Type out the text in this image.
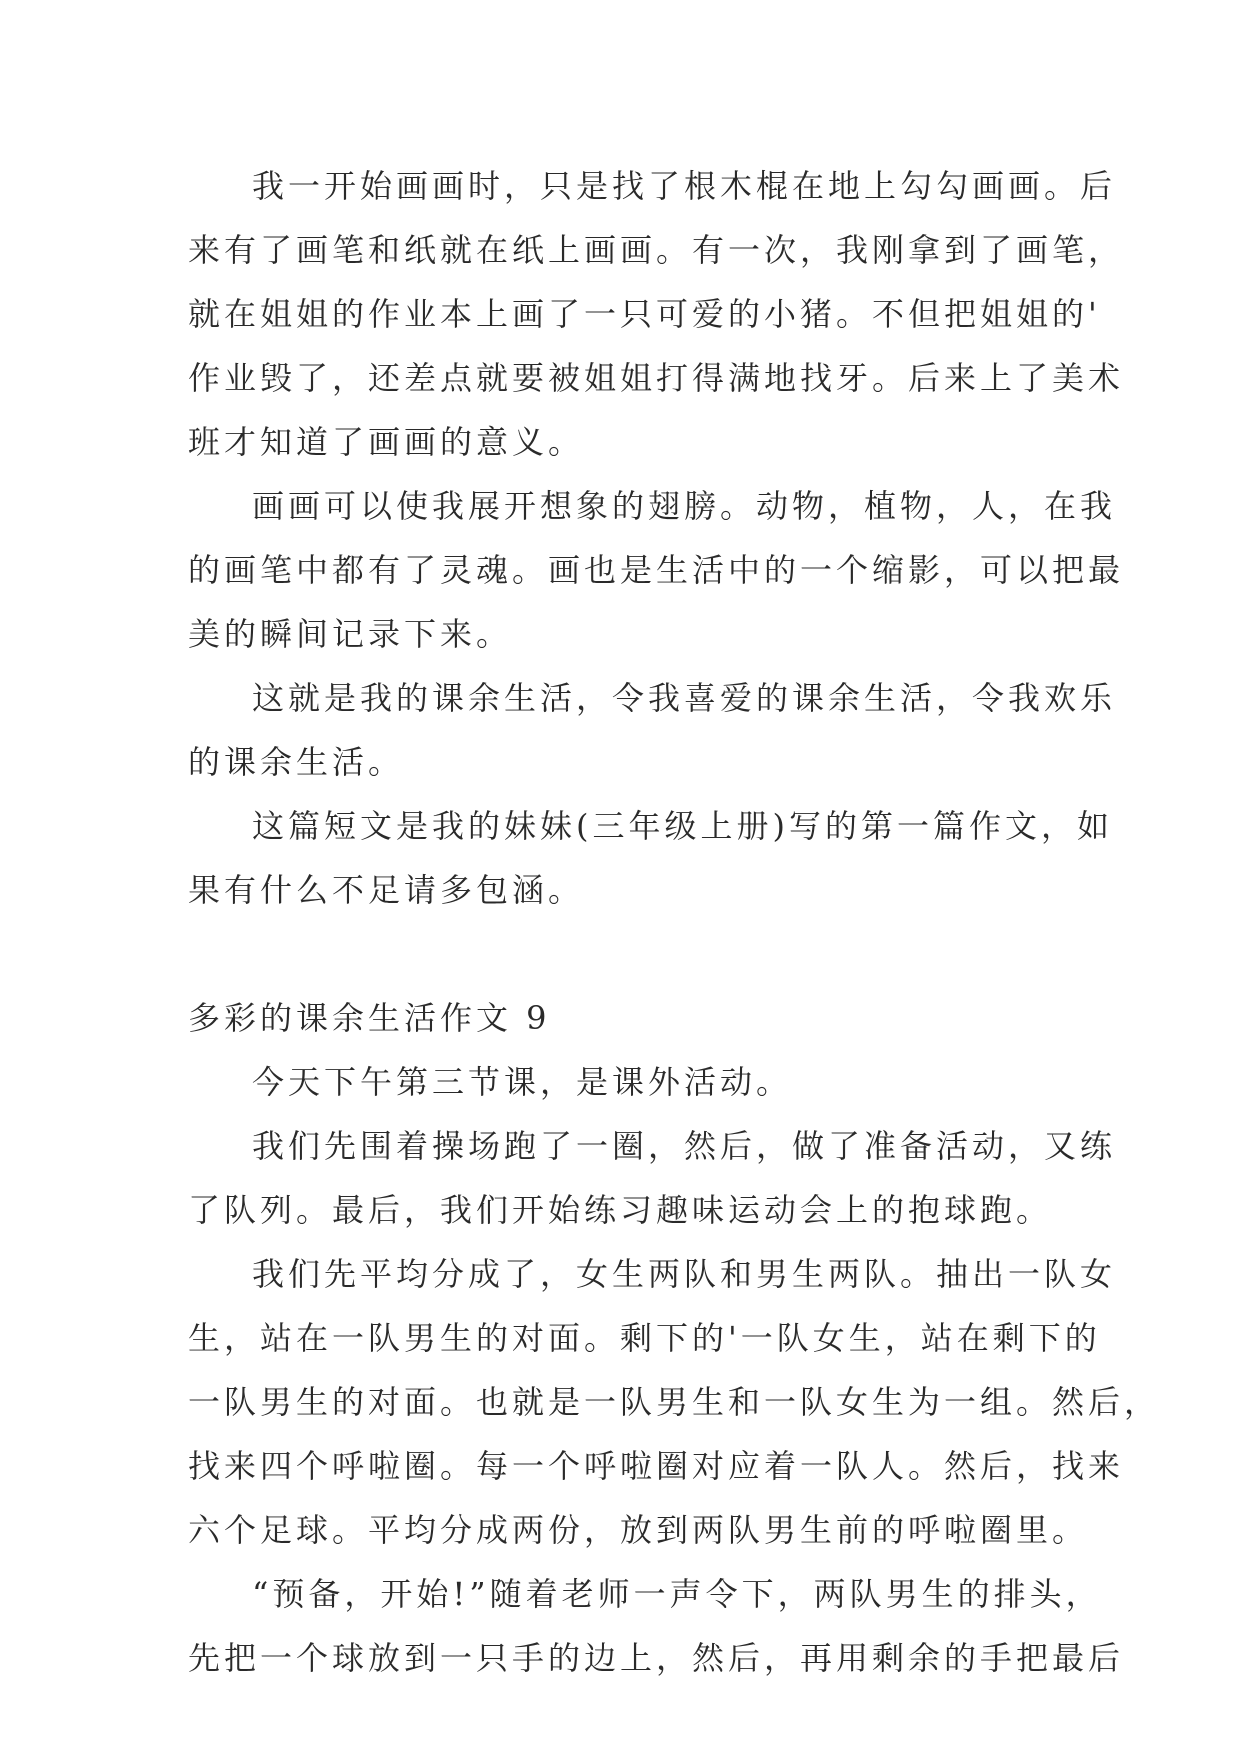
我一开始画画时，只是找了根木棍在地上勾勾画画。后
来有了画笔和纸就在纸上画画。有一次，我刚拿到了画笔，
就在姐姐的作业本上画了一只可爱的小猪。不但把姐姐的'
作业毁了，还差点就要被姐姐打得满地找牙。后来上了美术
班才知道了画画的意义。
画画可以使我展开想象的翅膀。动物，植物，人，在我
的画笔中都有了灵魂。画也是生活中的一个缩影，可以把最
美的瞬间记录下来。
这就是我的课余生活，令我喜爱的课余生活，令我欢乐
的课余生活。
这篇短文是我的妹妹(三年级上册)写的第一篇作文，如
果有什么不足请多包涵。
多彩的课余生活作文 9
今天下午第三节课，是课外活动。
我们先围着操场跑了一圈，然后，做了准备活动，又练
了队列。最后，我们开始练习趣味运动会上的抱球跑。
我们先平均分成了，女生两队和男生两队。抽出一队女
生，站在一队男生的对面。剩下的'一队女生，站在剩下的
一队男生的对面。也就是一队男生和一队女生为一组。然后，
找来四个呼啦圈。每一个呼啦圈对应着一队人。然后，找来
六个足球。平均分成两份，放到两队男生前的呼啦圈里。
“预备，开始!”随着老师一声令下，两队男生的排头，
先把一个球放到一只手的边上，然后，再用剩余的手把最后
